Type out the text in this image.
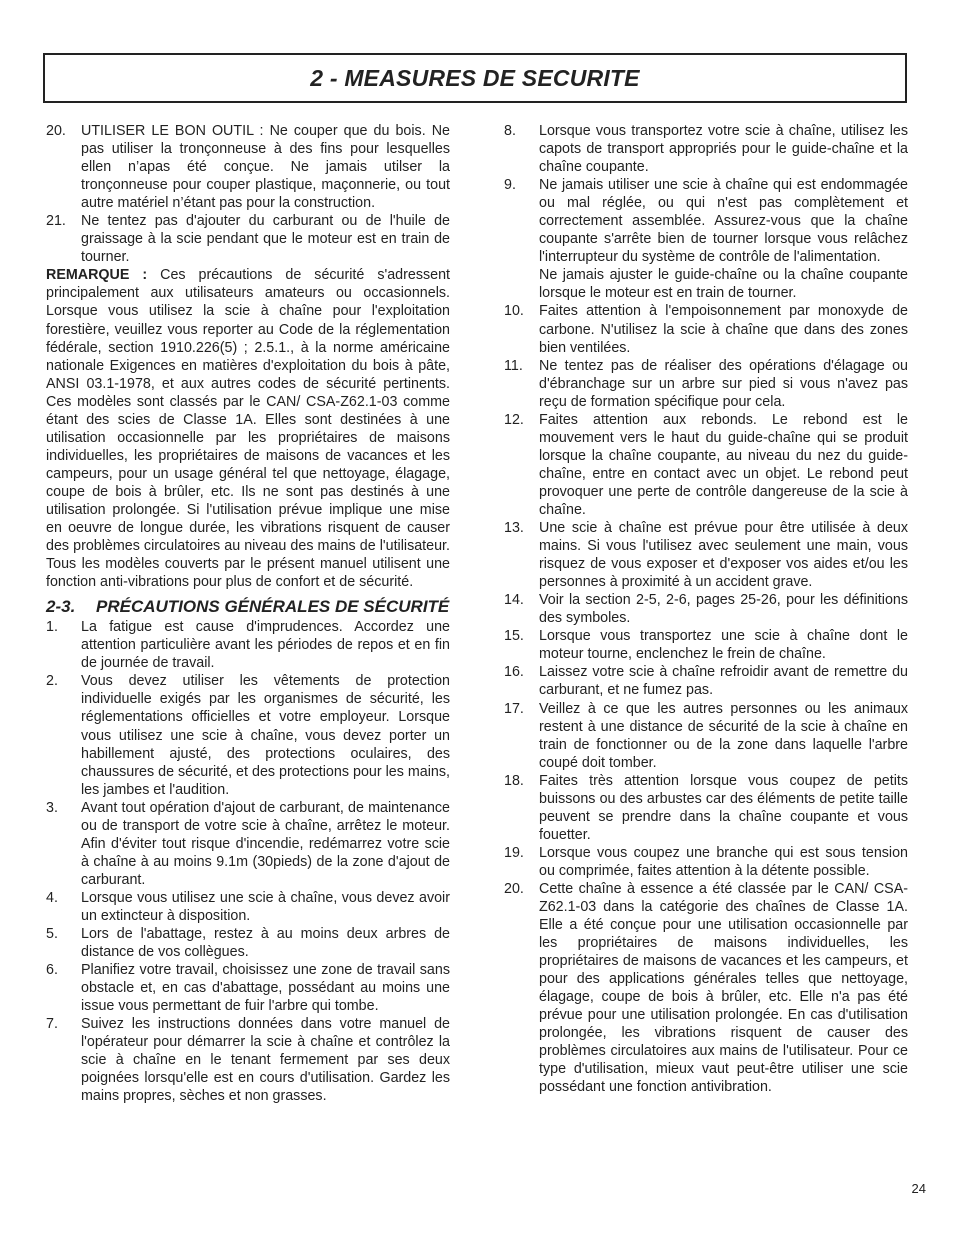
2 - MEASURES DE SECURITE
20. UTILISER LE BON OUTIL : Ne couper que du bois. Ne pas utiliser la tronçonneuse à des fins pour lesquelles ellen n’apas été conçue. Ne jamais utilser la tronçonneuse pour couper plastique, maçonnerie, ou tout autre matériel n’étant pas pour la construction.

21. Ne tentez pas d'ajouter du carburant ou de l'huile de graissage à la scie pendant que le moteur est en train de tourner.

REMARQUE : Ces précautions de sécurité s'adressent principalement aux utilisateurs amateurs ou occasionnels. Lorsque vous utilisez la scie à chaîne pour l'exploitation forestière, veuillez vous reporter au Code de la réglementation fédérale, section 1910.226(5) ; 2.5.1., à la norme américaine nationale Exigences en matières d'exploitation du bois à pâte, ANSI 03.1-1978, et aux autres codes de sécurité pertinents. Ces modèles sont classés par le CAN/ CSA-Z62.1-03 comme étant des scies de Classe 1A. Elles sont destinées à une utilisation occasionnelle par les propriétaires de maisons individuelles, les propriétaires de maisons de vacances et les campeurs, pour un usage général tel que nettoyage, élagage, coupe de bois à brûler, etc. Ils ne sont pas destinés à une utilisation prolongée. Si l'utilisation prévue implique une mise en oeuvre de longue durée, les vibrations risquent de causer des problèmes circulatoires au niveau des mains de l'utilisateur. Tous les modèles couverts par le présent manuel utilisent une fonction anti-vibrations pour plus de confort et de sécurité.

2-3. PRÉCAUTIONS GÉNÉRALES DE SÉCURITÉ
1. La fatigue est cause d'imprudences. Accordez une attention particulière avant les périodes de repos et en fin de journée de travail.

2. Vous devez utiliser les vêtements de protection individuelle exigés par les organismes de sécurité, les réglementations officielles et votre employeur. Lorsque vous utilisez une scie à chaîne, vous devez porter un habillement ajusté, des protections oculaires, des chaussures de sécurité, et des protections pour les mains, les jambes et l'audition.

3. Avant tout opération d'ajout de carburant, de maintenance ou de transport de votre scie à chaîne, arrêtez le moteur. Afin d'éviter tout risque d'incendie, redémarrez votre scie à chaîne à au moins 9.1m (30pieds) de la zone d'ajout de carburant.

4. Lorsque vous utilisez une scie à chaîne, vous devez avoir un extincteur à disposition.

5. Lors de l'abattage, restez à au moins deux arbres de distance de vos collègues.

6. Planifiez votre travail, choisissez une zone de travail sans obstacle et, en cas d'abattage, possédant au moins une issue vous permettant de fuir l'arbre qui tombe.

7. Suivez les instructions données dans votre manuel de l'opérateur pour démarrer la scie à chaîne et contrôlez la scie à chaîne en le tenant fermement par ses deux poignées lorsqu'elle est en cours d'utilisation. Gardez les mains propres, sèches et non grasses.

8. Lorsque vous transportez votre scie à chaîne, utilisez les capots de transport appropriés pour le guide-chaîne et la chaîne coupante.

9. Ne jamais utiliser une scie à chaîne qui est endommagée ou mal réglée, ou qui n'est pas complètement et correctement assemblée. Assurez-vous que la chaîne coupante s'arrête bien de tourner lorsque vous relâchez l'interrupteur du système de contrôle de l'alimentation.

Ne jamais ajuster le guide-chaîne ou la chaîne coupante lorsque le moteur est en train de tourner.

10. Faites attention à l'empoisonnement par monoxyde de carbone. N'utilisez la scie à chaîne que dans des zones bien ventilées.

11. Ne tentez pas de réaliser des opérations d'élagage ou d'ébranchage sur un arbre sur pied si vous n'avez pas reçu de formation spécifique pour cela.

12. Faites attention aux rebonds. Le rebond est le mouvement vers le haut du guide-chaîne qui se produit lorsque la chaîne coupante, au niveau du nez du guide-chaîne, entre en contact avec un objet. Le rebond peut provoquer une perte de contrôle dangereuse de la scie à chaîne.

13. Une scie à chaîne est prévue pour être utilisée à deux mains. Si vous l'utilisez avec seulement une main, vous risquez de vous exposer et d'exposer vos aides et/ou les personnes à proximité à un accident grave.

14. Voir la section 2-5, 2-6, pages 25-26, pour les définitions des symboles.

15. Lorsque vous transportez une scie à chaîne dont le moteur tourne, enclenchez le frein de chaîne.

16. Laissez votre scie à chaîne refroidir avant de remettre du carburant, et ne fumez pas.

17. Veillez à ce que les autres personnes ou les animaux restent à une distance de sécurité de la scie à chaîne en train de fonctionner ou de la zone dans laquelle l'arbre coupé doit tomber.

18. Faites très attention lorsque vous coupez de petits buissons ou des arbustes car des éléments de petite taille peuvent se prendre dans la chaîne coupante et vous fouetter.

19. Lorsque vous coupez une branche qui est sous tension ou comprimée, faites attention à la détente possible.

20. Cette chaîne à essence a été classée par le CAN/ CSA-Z62.1-03 dans la catégorie des chaînes de Classe 1A. Elle a été conçue pour une utilisation occasionnelle par les propriétaires de maisons individuelles, les propriétaires de maisons de vacances et les campeurs, et pour des applications générales telles que nettoyage, élagage, coupe de bois à brûler, etc. Elle n'a pas été prévue pour une utilisation prolongée. En cas d'utilisation prolongée, les vibrations risquent de causer des problèmes circulatoires aux mains de l'utilisateur. Pour ce type d'utilisation, mieux vaut peut-être utiliser une scie possédant une fonction antivibration.

24
